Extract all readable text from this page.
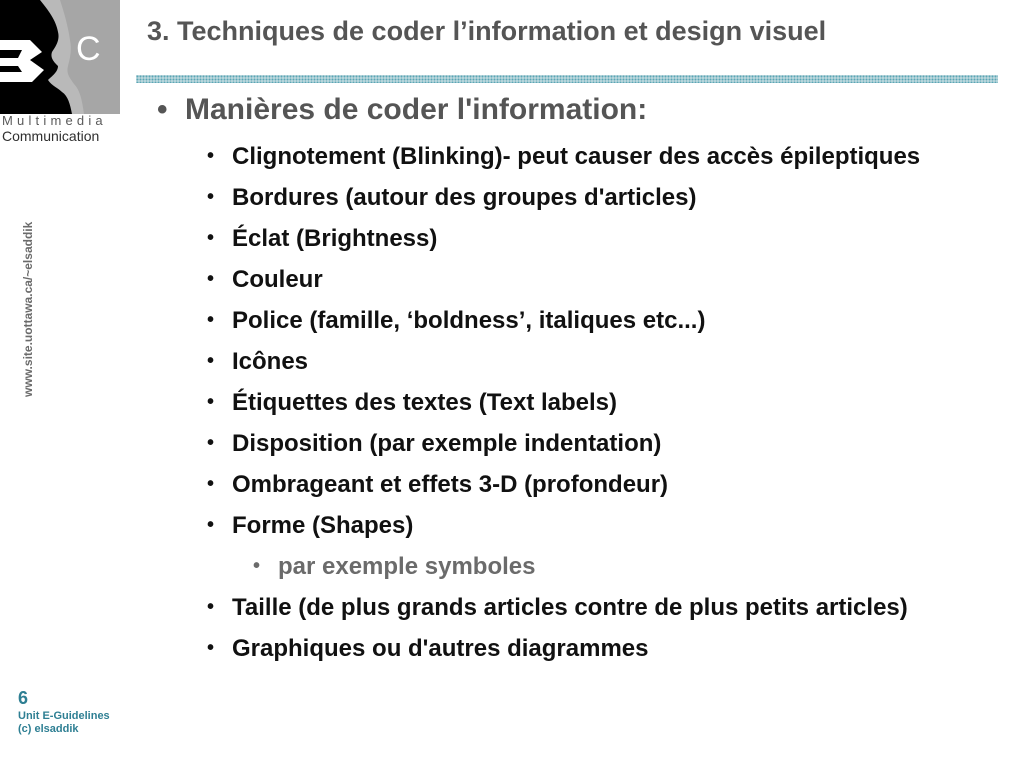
C
Multimedia
Communication
www.site.uottawa.ca/~elsaddik
3. Techniques de coder l’information et design visuel
• Manières de coder l'information:
• Clignotement (Blinking)- peut causer des accès épileptiques
• Bordures (autour des groupes d'articles)
• Éclat (Brightness)
• Couleur
• Police (famille, ‘boldness’, italiques etc...)
• Icônes
• Étiquettes des textes (Text labels)
• Disposition (par exemple indentation)
• Ombrageant et effets 3-D (profondeur)
• Forme (Shapes)
• par exemple symboles
• Taille (de plus grands articles contre de plus petits articles)
• Graphiques ou d'autres diagrammes
6
Unit E-Guidelines
(c) elsaddik
